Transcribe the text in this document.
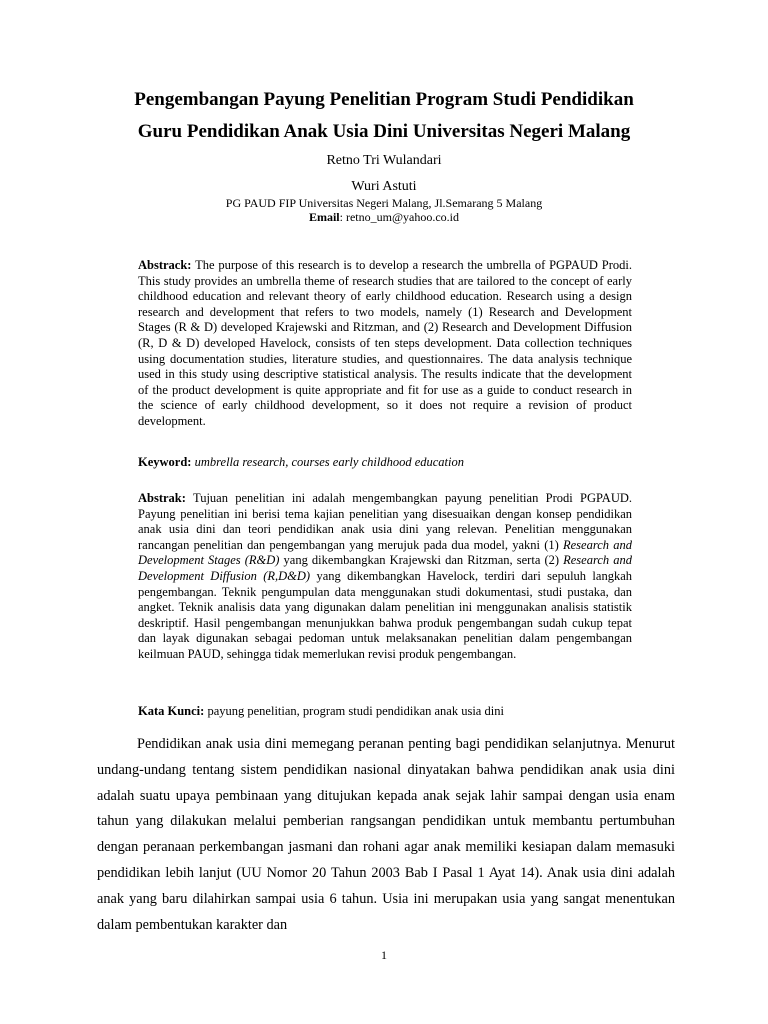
Pengembangan Payung Penelitian Program Studi Pendidikan
Guru Pendidikan Anak Usia Dini Universitas Negeri Malang
Retno Tri Wulandari
Wuri Astuti
PG PAUD FIP Universitas Negeri Malang, Jl.Semarang 5 Malang
Email: retno_um@yahoo.co.id
Abstrack: The purpose of this research is to develop a research the umbrella of PGPAUD Prodi. This study provides an umbrella theme of research studies that are tailored to the concept of early childhood education and relevant theory of early childhood education. Research using a design research and development that refers to two models, namely (1) Research and Development Stages (R & D) developed Krajewski and Ritzman, and (2) Research and Development Diffusion (R, D & D) developed Havelock, consists of ten steps development. Data collection techniques using documentation studies, literature studies, and questionnaires. The data analysis technique used in this study using descriptive statistical analysis. The results indicate that the development of the product development is quite appropriate and fit for use as a guide to conduct research in the science of early childhood development, so it does not require a revision of product development.
Keyword: umbrella research, courses early childhood education
Abstrak: Tujuan penelitian ini adalah mengembangkan payung penelitian Prodi PGPAUD. Payung penelitian ini berisi tema kajian penelitian yang disesuaikan dengan konsep pendidikan anak usia dini dan teori pendidikan anak usia dini yang relevan. Penelitian menggunakan rancangan penelitian dan pengembangan yang merujuk pada dua model, yakni (1) Research and Development Stages (R&D) yang dikembangkan Krajewski dan Ritzman, serta (2) Research and Development Diffusion (R,D&D) yang dikembangkan Havelock, terdiri dari sepuluh langkah pengembangan. Teknik pengumpulan data menggunakan studi dokumentasi, studi pustaka, dan angket. Teknik analisis data yang digunakan dalam penelitian ini menggunakan analisis statistik deskriptif. Hasil pengembangan menunjukkan bahwa produk pengembangan sudah cukup tepat dan layak digunakan sebagai pedoman untuk melaksanakan penelitian dalam pengembangan keilmuan PAUD, sehingga tidak memerlukan revisi produk pengembangan.
Kata Kunci: payung penelitian, program studi pendidikan anak usia dini

Pendidikan anak usia dini memegang peranan penting bagi pendidikan selanjutnya. Menurut undang-undang tentang sistem pendidikan nasional dinyatakan bahwa pendidikan anak usia dini adalah suatu upaya pembinaan yang ditujukan kepada anak sejak lahir sampai dengan usia enam tahun yang dilakukan melalui pemberian rangsangan pendidikan untuk membantu pertumbuhan dengan peranaan perkembangan jasmani dan rohani agar anak memiliki kesiapan dalam memasuki pendidikan lebih lanjut (UU Nomor 20 Tahun 2003 Bab I Pasal 1 Ayat 14). Anak usia dini adalah anak yang baru dilahirkan sampai usia 6 tahun. Usia ini merupakan usia yang sangat menentukan dalam pembentukan karakter dan

1
